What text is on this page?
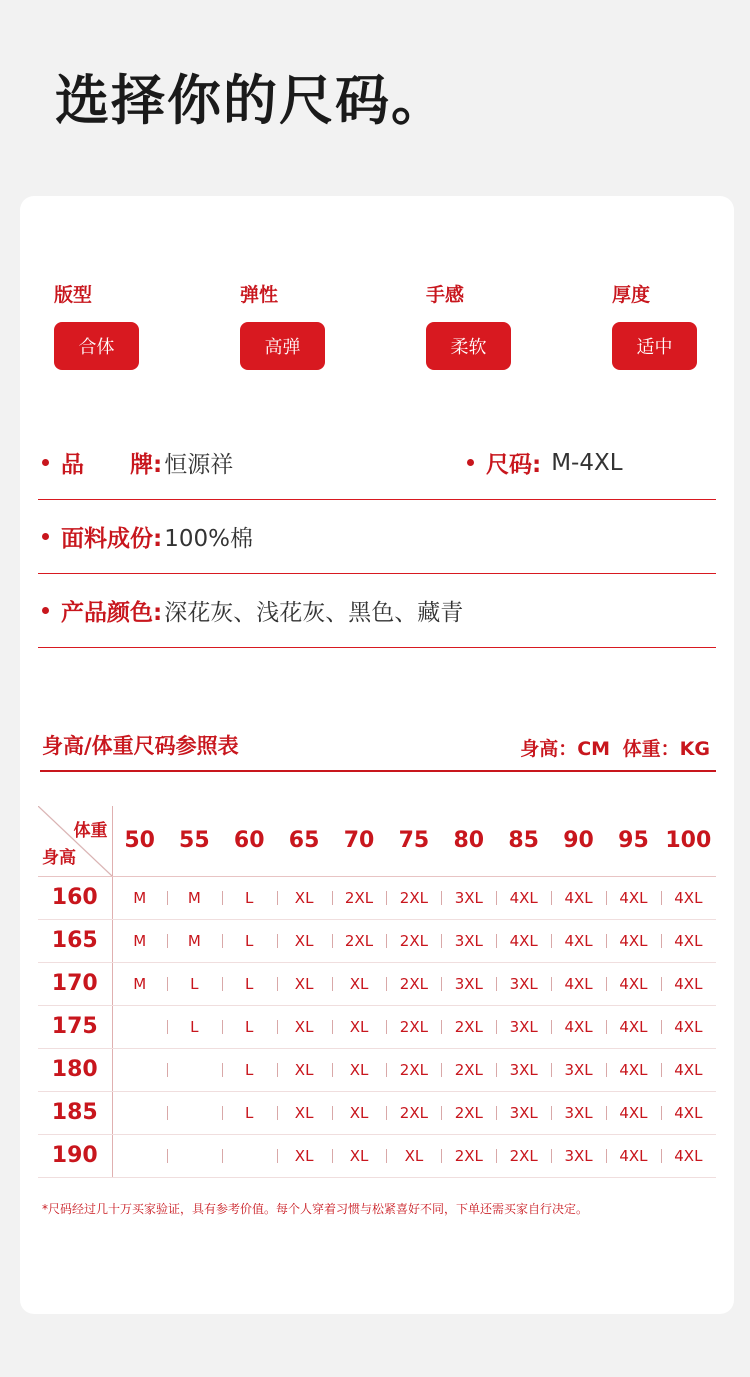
选择你的尺码。
版型
合体
弹性
高弹
手感
柔软
厚度
适中
品　　牌: 恒源祥	尺码: M-4XL
面料成份: 100%棉
产品颜色: 深花灰、浅花灰、黑色、藏青
身高/体重尺码参照表	身高：CM 体重：KG
体重
身高	50	55	60	65	70	75	80	85	90	95	100
160	M	M	L	XL	2XL	2XL	3XL	4XL	4XL	4XL	4XL
165	M	M	L	XL	2XL	2XL	3XL	4XL	4XL	4XL	4XL
170	M	L	L	XL	XL	2XL	3XL	3XL	4XL	4XL	4XL
175		L	L	XL	XL	2XL	2XL	3XL	4XL	4XL	4XL
180			L	XL	XL	2XL	2XL	3XL	3XL	4XL	4XL
185			L	XL	XL	2XL	2XL	3XL	3XL	4XL	4XL
190				XL	XL	XL	2XL	2XL	3XL	4XL	4XL
*尺码经过几十万买家验证，具有参考价值。每个人穿着习惯与松紧喜好不同，下单还需买家自行决定。
